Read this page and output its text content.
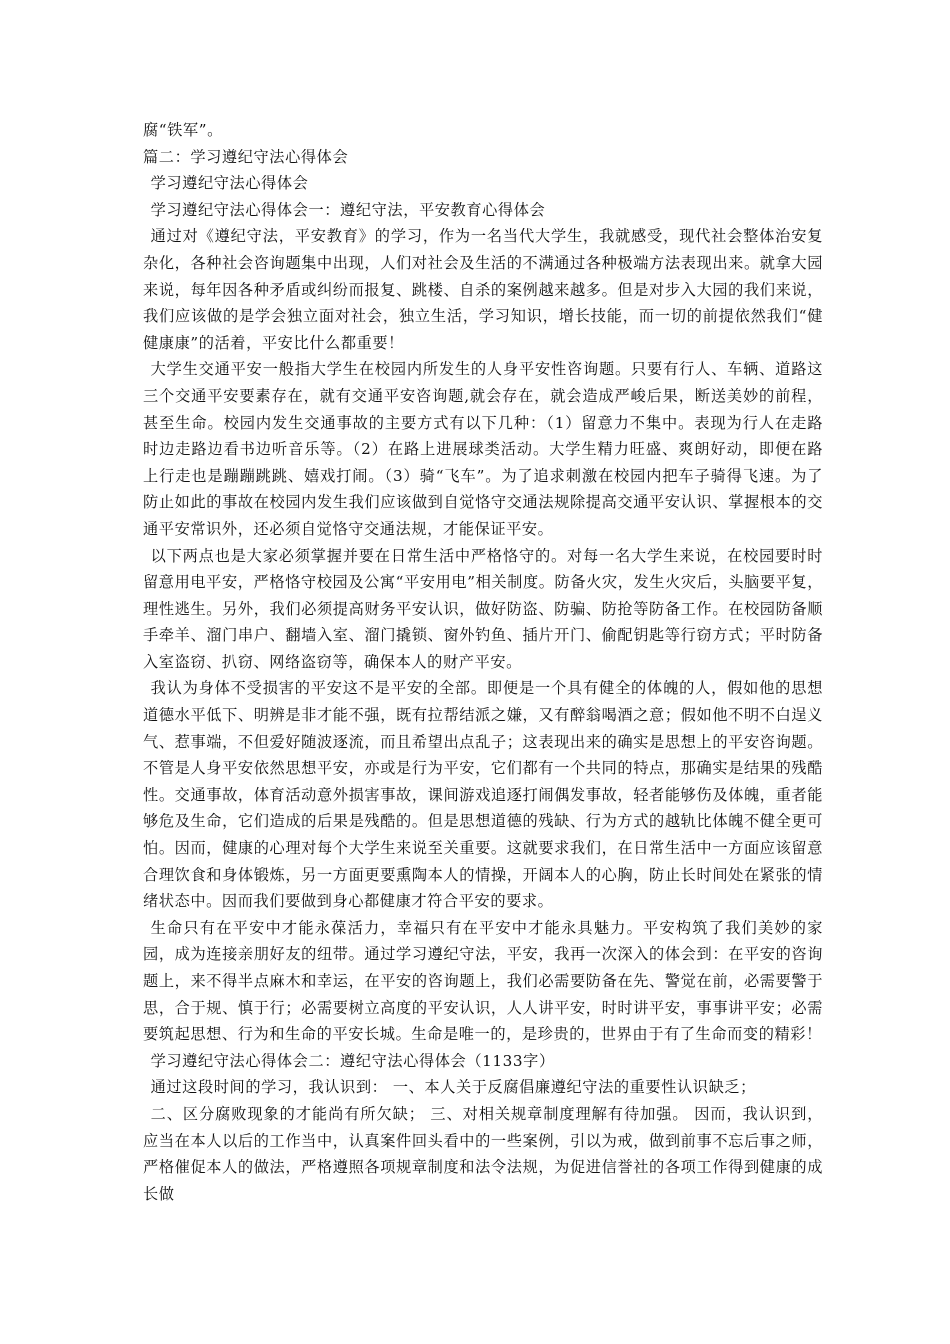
腐“铁军”。

篇二：学习遵纪守法心得体会

学习遵纪守法心得体会

学习遵纪守法心得体会一：遵纪守法，平安教育心得体会

通过对《遵纪守法，平安教育》的学习，作为一名当代大学生，我就感受，现代社会整体治安复杂化，各种社会咨询题集中出现，人们对社会及生活的不满通过各种极端方法表现出来。就拿大园来说，每年因各种矛盾或纠纷而报复、跳楼、自杀的案例越来越多。但是对步入大园的我们来说，我们应该做的是学会独立面对社会，独立生活，学习知识，增长技能，而一切的前提依然我们“健健康康”的活着，平安比什么都重要！

大学生交通平安一般指大学生在校园内所发生的人身平安性咨询题。只要有行人、车辆、道路这三个交通平安要素存在，就有交通平安咨询题,就会存在，就会造成严峻后果，断送美妙的前程，甚至生命。校园内发生交通事故的主要方式有以下几种：（1）留意力不集中。表现为行人在走路时边走路边看书边听音乐等。（2）在路上进展球类活动。大学生精力旺盛、爽朗好动，即便在路上行走也是蹦蹦跳跳、嬉戏打闹。（3）骑“飞车”。为了追求刺激在校园内把车子骑得飞速。为了防止如此的事故在校园内发生我们应该做到自觉恪守交通法规除提高交通平安认识、掌握根本的交通平安常识外，还必须自觉恪守交通法规，才能保证平安。

以下两点也是大家必须掌握并要在日常生活中严格恪守的。对每一名大学生来说，在校园要时时留意用电平安，严格恪守校园及公寓“平安用电”相关制度。防备火灾，发生火灾后，头脑要平复，理性逃生。另外，我们必须提高财务平安认识，做好防盗、防骗、防抢等防备工作。在校园防备顺手牵羊、溜门串户、翻墙入室、溜门撬锁、窗外钓鱼、插片开门、偷配钥匙等行窃方式；平时防备入室盗窃、扒窃、网络盗窃等，确保本人的财产平安。

我认为身体不受损害的平安这不是平安的全部。即便是一个具有健全的体魄的人，假如他的思想道德水平低下、明辨是非才能不强，既有拉帮结派之嫌，又有醉翁喝酒之意；假如他不明不白逞义气、惹事端，不但爱好随波逐流，而且希望出点乱子；这表现出来的确实是思想上的平安咨询题。不管是人身平安依然思想平安，亦或是行为平安，它们都有一个共同的特点，那确实是结果的残酷性。交通事故，体育活动意外损害事故，课间游戏追逐打闹偶发事故，轻者能够伤及体魄，重者能够危及生命，它们造成的后果是残酷的。但是思想道德的残缺、行为方式的越轨比体魄不健全更可怕。因而，健康的心理对每个大学生来说至关重要。这就要求我们，在日常生活中一方面应该留意合理饮食和身体锻炼，另一方面更要熏陶本人的情操，开阔本人的心胸，防止长时间处在紧张的情绪状态中。因而我们要做到身心都健康才符合平安的要求。

生命只有在平安中才能永葆活力，幸福只有在平安中才能永具魅力。平安构筑了我们美妙的家园，成为连接亲朋好友的纽带。通过学习遵纪守法，平安，我再一次深入的体会到：在平安的咨询题上，来不得半点麻木和幸运，在平安的咨询题上，我们必需要防备在先、警觉在前，必需要警于思，合于规、慎于行；必需要树立高度的平安认识，人人讲平安，时时讲平安，事事讲平安；必需要筑起思想、行为和生命的平安长城。生命是唯一的，是珍贵的，世界由于有了生命而变的精彩！

学习遵纪守法心得体会二：遵纪守法心得体会（1133字）

通过这段时间的学习，我认识到： 一、本人关于反腐倡廉遵纪守法的重要性认识缺乏；

二、区分腐败现象的才能尚有所欠缺； 三、对相关规章制度理解有待加强。 因而，我认识到，应当在本人以后的工作当中，认真案件回头看中的一些案例，引以为戒，做到前事不忘后事之师，严格催促本人的做法，严格遵照各项规章制度和法令法规，为促进信誉社的各项工作得到健康的成长做
